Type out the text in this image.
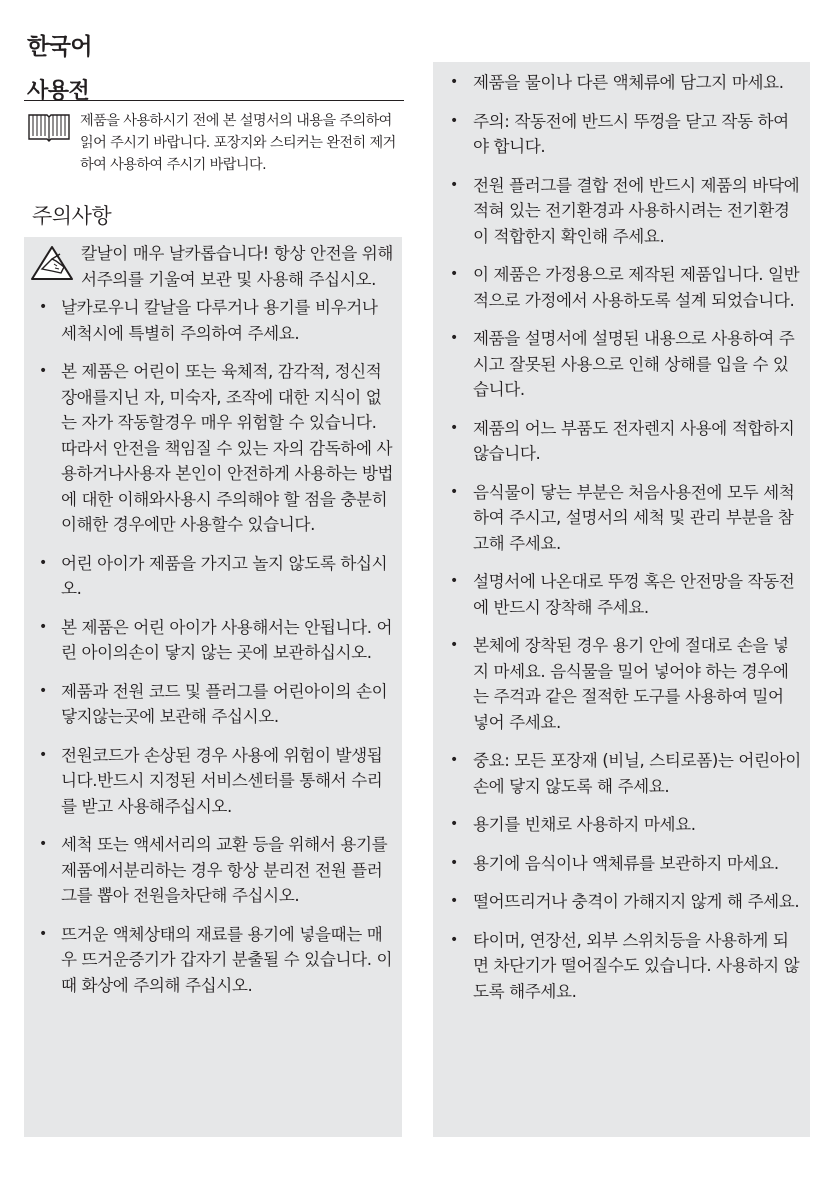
한국어
사용전

제품을 사용하시기 전에 본 설명서의 내용을 주의하여 읽어 주시기 바랍니다. 포장지와 스티커는 완전히 제거하여 사용하여 주시기 바랍니다.

주의사항
칼날이 매우 날카롭습니다! 항상 안전을 위해서주의를 기울여 보관 및 사용해 주십시오.
• 날카로우니 칼날을 다루거나 용기를 비우거나 세척시에 특별히 주의하여 주세요.
• 본 제품은 어린이 또는 육체적, 감각적, 정신적 장애를지닌 자, 미숙자, 조작에 대한 지식이 없는 자가 작동할경우 매우 위험할 수 있습니다. 따라서 안전을 책임질 수 있는 자의 감독하에 사용하거나사용자 본인이 안전하게 사용하는 방법에 대한 이해와사용시 주의해야 할 점을 충분히 이해한 경우에만 사용할수 있습니다.
• 어린 아이가 제품을 가지고 놀지 않도록 하십시오.
• 본 제품은 어린 아이가 사용해서는 안됩니다. 어린 아이의손이 닿지 않는 곳에 보관하십시오.
• 제품과 전원 코드 및 플러그를 어린아이의 손이 닿지않는곳에 보관해 주십시오.
• 전원코드가 손상된 경우 사용에 위험이 발생됩니다.반드시 지정된 서비스센터를 통해서 수리를 받고 사용해주십시오.
• 세척 또는 액세서리의 교환 등을 위해서 용기를 제품에서분리하는 경우 항상 분리전 전원 플러그를 뽑아 전원을차단해 주십시오.
• 뜨거운 액체상태의 재료를 용기에 넣을때는 매우 뜨거운증기가 갑자기 분출될 수 있습니다. 이때 화상에 주의해 주십시오.
• 제품을 물이나 다른 액체류에 담그지 마세요.
• 주의: 작동전에 반드시 뚜껑을 닫고 작동 하여야 합니다.
• 전원 플러그를 결합 전에 반드시 제품의 바닥에 적혀 있는 전기환경과 사용하시려는 전기환경이 적합한지 확인해 주세요.
• 이 제품은 가정용으로 제작된 제품입니다. 일반적으로 가정에서 사용하도록 설계 되었습니다.
• 제품을 설명서에 설명된 내용으로 사용하여 주시고 잘못된 사용으로 인해 상해를 입을 수 있습니다.
• 제품의 어느 부품도 전자렌지 사용에 적합하지 않습니다.
• 음식물이 닿는 부분은 처음사용전에 모두 세척하여 주시고, 설명서의 세척 및 관리 부분을 참고해 주세요.
• 설명서에 나온대로 뚜껑 혹은 안전망을 작동전에 반드시 장착해 주세요.
• 본체에 장착된 경우 용기 안에 절대로 손을 넣지 마세요. 음식물을 밀어 넣어야 하는 경우에는 주걱과 같은 절적한 도구를 사용하여 밀어 넣어 주세요.
• 중요: 모든 포장재 (비닐, 스티로폼)는 어린아이 손에 닿지 않도록 해 주세요.
• 용기를 빈채로 사용하지 마세요.
• 용기에 음식이나 액체류를 보관하지 마세요.
• 떨어뜨리거나 충격이 가해지지 않게 해 주세요.
• 타이머, 연장선, 외부 스위치등을 사용하게 되면 차단기가 떨어질수도 있습니다. 사용하지 않도록 해주세요.
